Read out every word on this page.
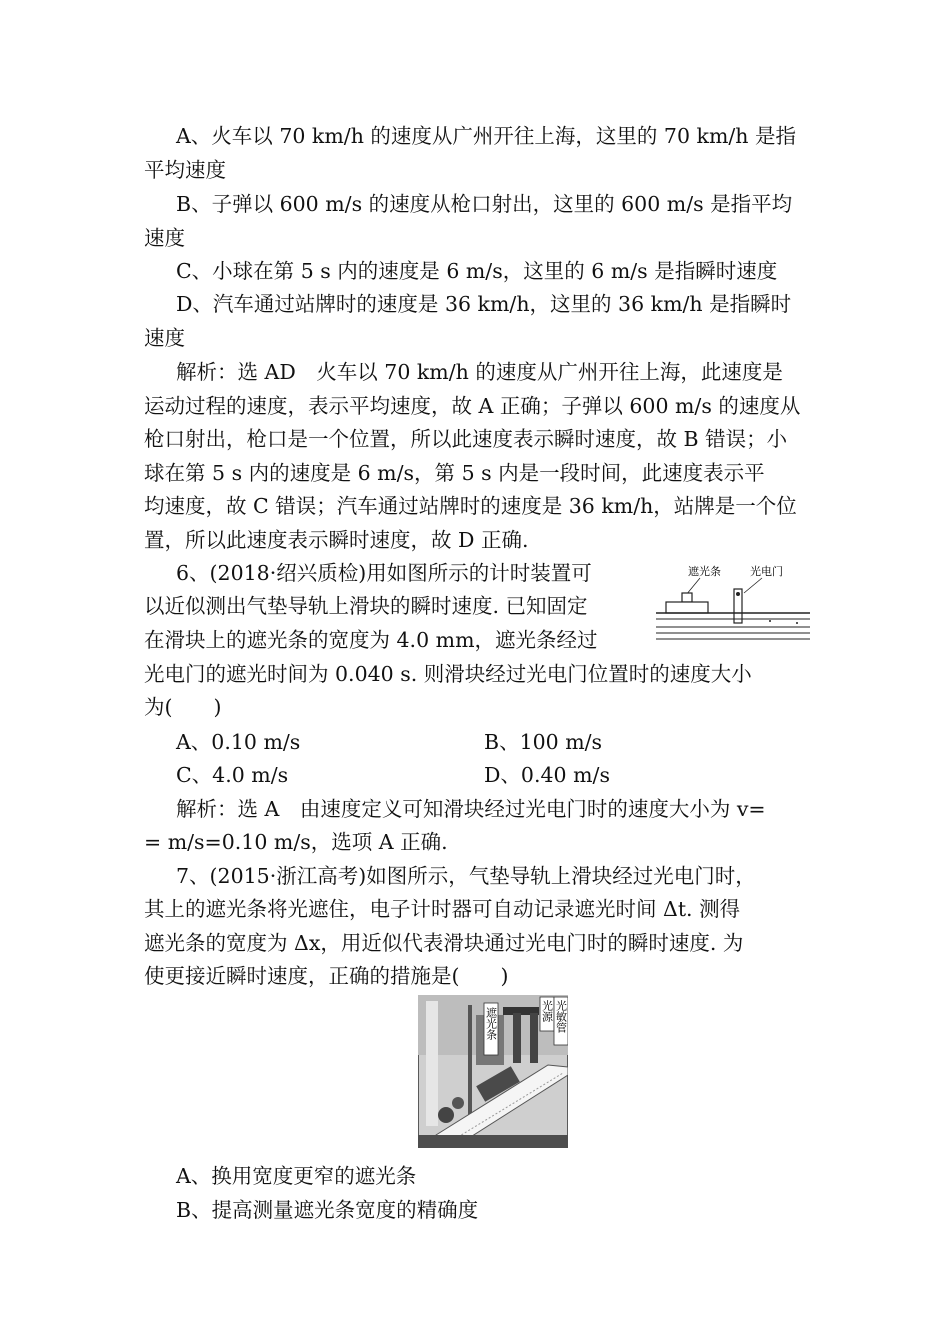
A、火车以 70 km/h 的速度从广州开往上海，这里的 70 km/h 是指
平均速度
B、子弹以 600 m/s 的速度从枪口射出，这里的 600 m/s 是指平均
速度
C、小球在第 5 s 内的速度是 6 m/s，这里的 6 m/s 是指瞬时速度
D、汽车通过站牌时的速度是 36 km/h，这里的 36 km/h 是指瞬时
速度
解析：选 AD　火车以 70 km/h 的速度从广州开往上海，此速度是
运动过程的速度，表示平均速度，故 A 正确；子弹以 600 m/s 的速度从
枪口射出，枪口是一个位置，所以此速度表示瞬时速度，故 B 错误；小
球在第 5 s 内的速度是 6 m/s，第 5 s 内是一段时间，此速度表示平
均速度，故 C 错误；汽车通过站牌时的速度是 36 km/h，站牌是一个位
置，所以此速度表示瞬时速度，故 D 正确.
6、(2018·绍兴质检)用如图所示的计时装置可
以近似测出气垫导轨上滑块的瞬时速度. 已知固定
在滑块上的遮光条的宽度为 4.0 mm，遮光条经过
光电门的遮光时间为 0.040 s. 则滑块经过光电门位置时的速度大小
为(　　)
遮光条	光电门
A、0.10 m/s	B、100 m/s
C、4.0 m/s	D、0.40 m/s
解析：选 A　由速度定义可知滑块经过光电门时的速度大小为 v=
= m/s=0.10 m/s，选项 A 正确.
7、(2015·浙江高考)如图所示，气垫导轨上滑块经过光电门时，
其上的遮光条将光遮住，电子计时器可自动记录遮光时间 Δt. 测得
遮光条的宽度为 Δx，用近似代表滑块通过光电门时的瞬时速度. 为
使更接近瞬时速度，正确的措施是(　　)
遮光条	光源 光敏管
A、换用宽度更窄的遮光条
B、提高测量遮光条宽度的精确度
